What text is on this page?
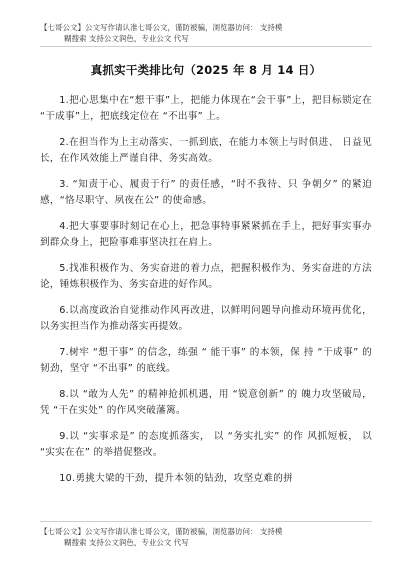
【七哥公文】公文写作请认准七哥公文，谨防被骗，浏览器访问： 支持模
糊搜索 支持公文润色，专业公文 代写
真抓实干类排比句（2025 年 8 月 14 日）

1.把心思集中在“想干事”上，把能力体现在“会干事”上，把目标锁定在 “干成事”上，把底线定位在 “不出事” 上。

2.在担当作为上主动落实、一抓到底，在能力本领上与时俱进、 日益见长，在作风效能上严谨自律、务实高效。

3. “知责于心、履责于行” 的责任感，“时不我待、只 争朝夕” 的紧迫感，“恪尽职守、夙夜在公” 的使命感。

4.把大事要事时刻记在心上，把急事特事紧紧抓在手上，把好事实事办到群众身上，把险事难事坚决扛在肩上。

5.找准积极作为、务实奋进的着力点，把握积极作为、务实奋进的方法论，锤炼积极作为、务实奋进的好作风。

6.以高度政治自觉推动作风再改进，以鲜明问题导向推动环境再优化， 以务实担当作为推动落实再提效。

7.树牢 “想干事” 的信念，练强 “ 能干事” 的本领，保 持 “干成事” 的韧劲，坚守 “不出事” 的底线。

8.以 “敢为人先” 的精神抢抓机遇，用 “锐意创新” 的 魄力攻坚破局，凭 “干在实处” 的作风突破藩篱。

9.以 “实事求是” 的态度抓落实， 以 “务实扎实” 的作 风抓短板， 以 “实实在在” 的举措促整改。

10.勇挑大梁的干劲，提升本领的钻劲，攻坚克难的拼

【七哥公文】公文写作请认准七哥公文，谨防被骗，浏览器访问： 支持模
糊搜索 支持公文润色，专业公文 代写
